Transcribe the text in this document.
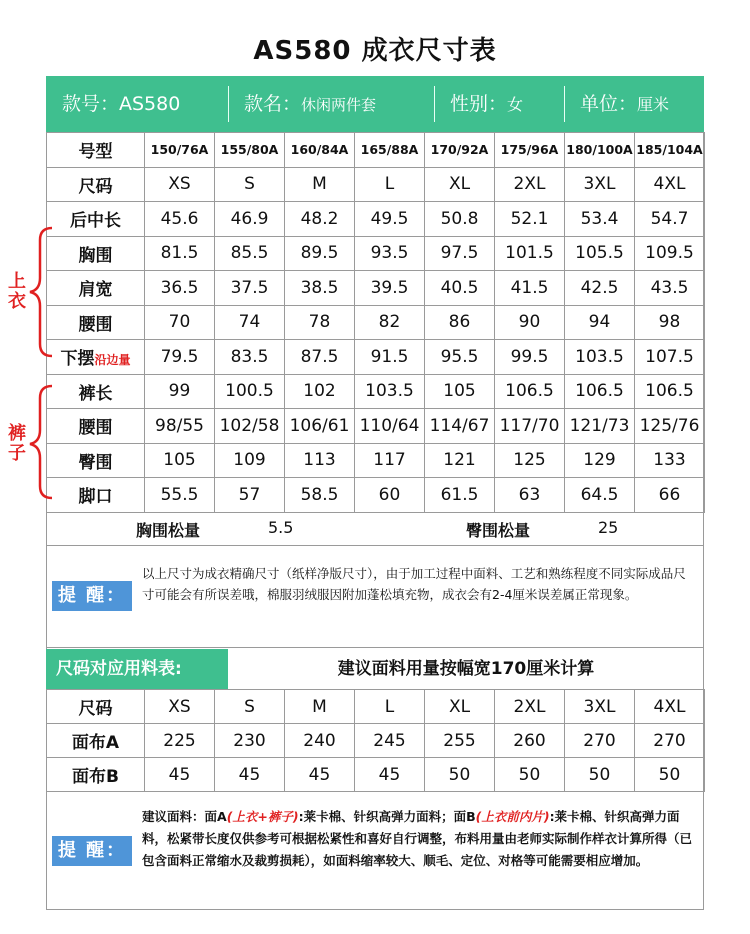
AS580 成衣尺寸表
款号：AS580	款名：休闲两件套	性别：女	单位：厘米
号型	150/76A	155/80A	160/84A	165/88A	170/92A	175/96A	180/100A	185/104A
尺码	XS	S	M	L	XL	2XL	3XL	4XL
后中长	45.6	46.9	48.2	49.5	50.8	52.1	53.4	54.7
胸围	81.5	85.5	89.5	93.5	97.5	101.5	105.5	109.5
肩宽	36.5	37.5	38.5	39.5	40.5	41.5	42.5	43.5
腰围	70	74	78	82	86	90	94	98
下摆沿边量	79.5	83.5	87.5	91.5	95.5	99.5	103.5	107.5
裤长	99	100.5	102	103.5	105	106.5	106.5	106.5
腰围	98/55	102/58	106/61	110/64	114/67	117/70	121/73	125/76
臀围	105	109	113	117	121	125	129	133
脚口	55.5	57	58.5	60	61.5	63	64.5	66
上衣
裤子
胸围松量	5.5	臀围松量	25
提 醒：
以上尺寸为成衣精确尺寸（纸样净版尺寸），由于加工过程中面料、工艺和熟练程度不同实际成品尺寸可能会有所误差哦，棉服羽绒服因附加蓬松填充物，成衣会有2-4厘米误差属正常现象。
尺码对应用料表:	建议面料用量按幅宽170厘米计算
尺码	XS	S	M	L	XL	2XL	3XL	4XL
面布A	225	230	240	245	255	260	270	270
面布B	45	45	45	45	50	50	50	50
提 醒：
建议面料：面A(上衣+裤子):莱卡棉、针织高弹力面料；面B(上衣前内片):莱卡棉、针织高弹力面料，松紧带长度仅供参考可根据松紧性和喜好自行调整，布料用量由老师实际制作样衣计算所得（已包含面料正常缩水及裁剪损耗），如面料缩率较大、顺毛、定位、对格等可能需要相应增加。
